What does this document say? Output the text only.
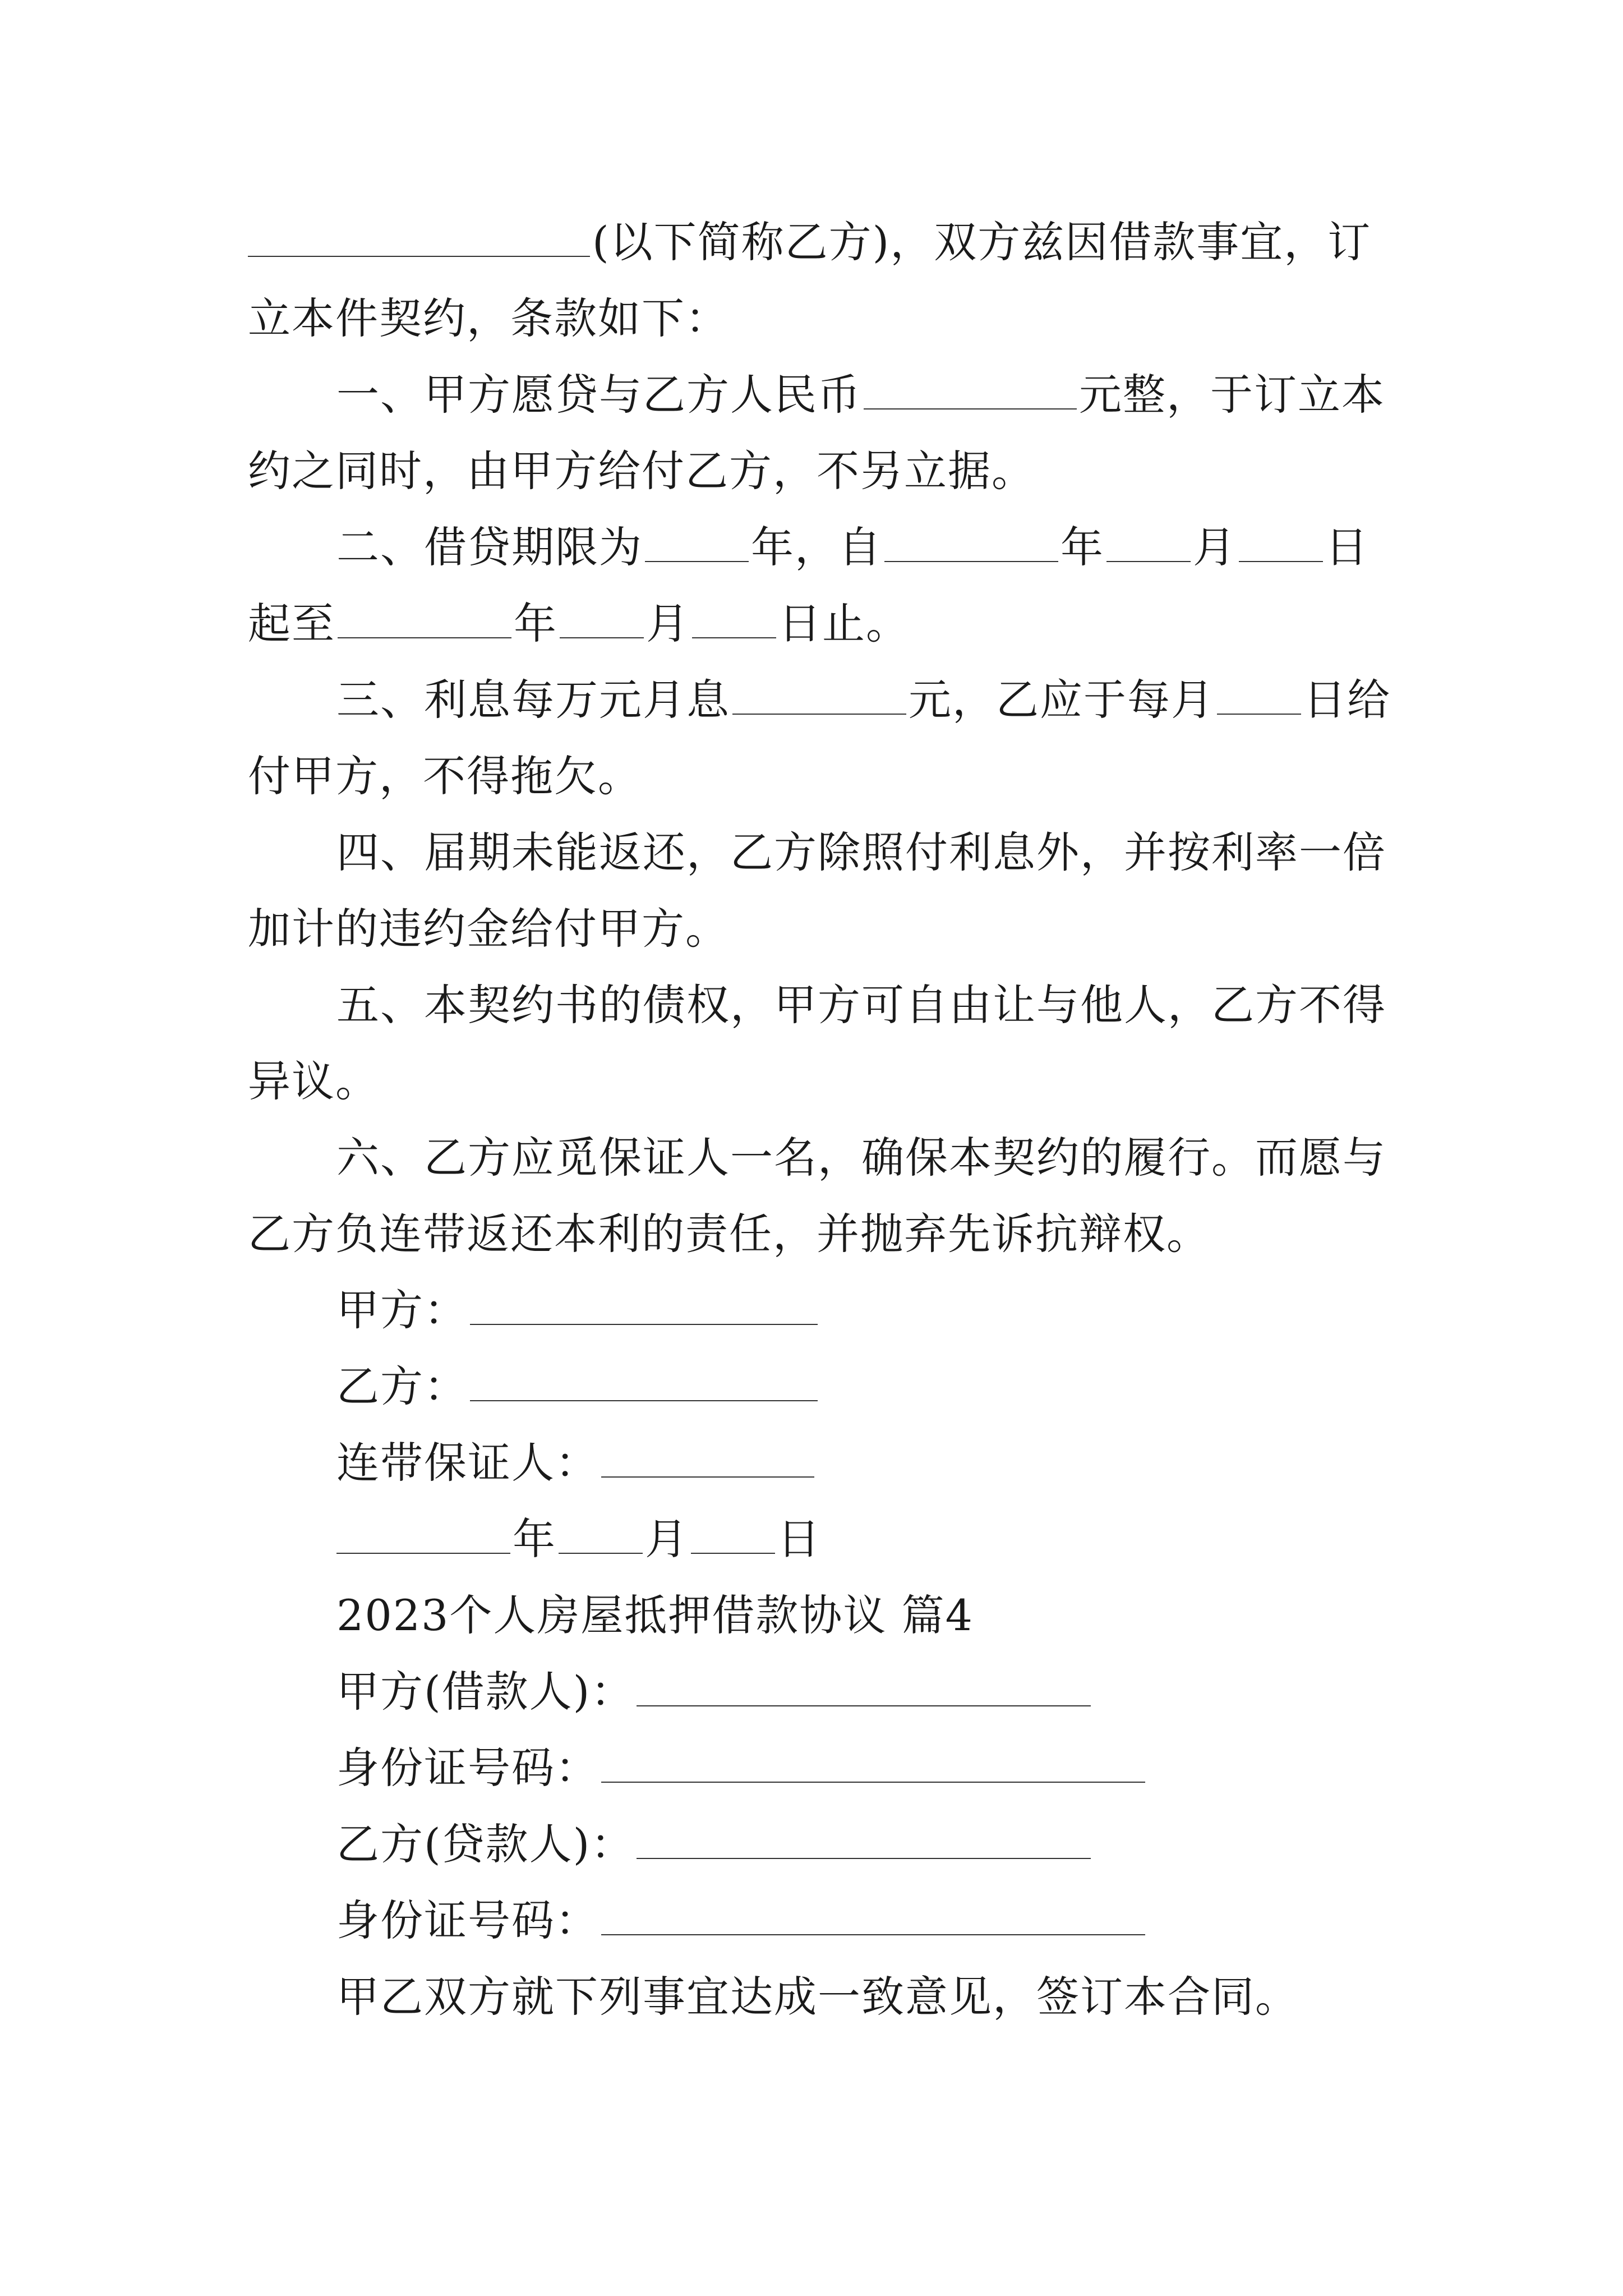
(以下简称乙方)，双方兹因借款事宜，订
立本件契约，条款如下：
一、甲方愿贷与乙方人民币	元整，于订立本
约之同时，由甲方给付乙方，不另立据。
二、借贷期限为	年，自	年 月 日
起至	年 月 日止。
三、利息每万元月息	元，乙应于每月 日给
付甲方，不得拖欠。
四、届期未能返还，乙方除照付利息外，并按利率一倍
加计的违约金给付甲方。
五、本契约书的债权，甲方可自由让与他人，乙方不得
异议。
六、乙方应觅保证人一名，确保本契约的履行。而愿与
乙方负连带返还本利的责任，并抛弃先诉抗辩权。
甲方：
乙方：
连带保证人：
年 月 日
2023个人房屋抵押借款协议 篇4
甲方(借款人)：
身份证号码：
乙方(贷款人)：
身份证号码：
甲乙双方就下列事宜达成一致意见，签订本合同。
